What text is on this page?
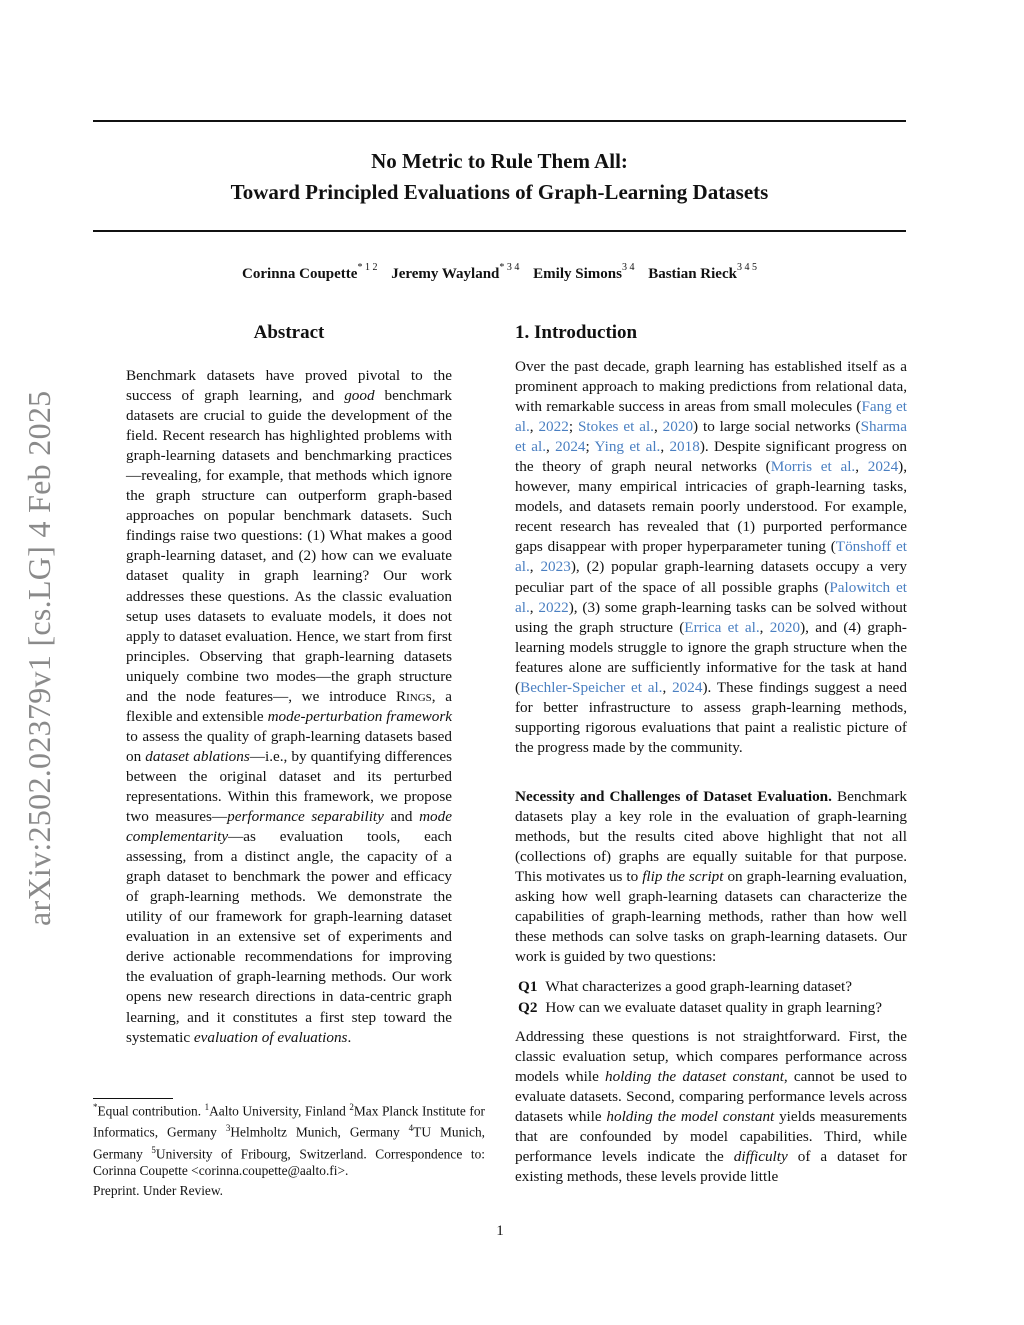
arXiv:2502.02379v1 [cs.LG] 4 Feb 2025
No Metric to Rule Them All:
Toward Principled Evaluations of Graph-Learning Datasets
Corinna Coupette$^{* 1 2}$ Jeremy Wayland$^{* 3 4}$ Emily Simons$^{3 4}$ Bastian Rieck$^{3 4 5}$
Abstract
Benchmark datasets have proved pivotal to the success of graph learning, and good benchmark datasets are crucial to guide the development of the field. Recent research has highlighted problems with graph-learning datasets and benchmarking practices—revealing, for example, that methods which ignore the graph structure can outperform graph-based approaches on popular benchmark datasets. Such findings raise two questions: (1) What makes a good graph-learning dataset, and (2) how can we evaluate dataset quality in graph learning? Our work addresses these questions. As the classic evaluation setup uses datasets to evaluate models, it does not apply to dataset evaluation. Hence, we start from first principles. Observing that graph-learning datasets uniquely combine two modes—the graph structure and the node features—, we introduce Rings, a flexible and extensible mode-perturbation framework to assess the quality of graph-learning datasets based on dataset ablations—i.e., by quantifying differences between the original dataset and its perturbed representations. Within this framework, we propose two measures—performance separability and mode complementarity—as evaluation tools, each assessing, from a distinct angle, the capacity of a graph dataset to benchmark the power and efficacy of graph-learning methods. We demonstrate the utility of our framework for graph-learning dataset evaluation in an extensive set of experiments and derive actionable recommendations for improving the evaluation of graph-learning methods. Our work opens new research directions in data-centric graph learning, and it constitutes a first step toward the systematic evaluation of evaluations.
*Equal contribution. $^1$Aalto University, Finland $^2$Max Planck Institute for Informatics, Germany $^3$Helmholtz Munich, Germany $^4$TU Munich, Germany $^5$University of Fribourg, Switzerland. Correspondence to: Corinna Coupette <corinna.coupette@aalto.fi>.
Preprint. Under Review.
1. Introduction
Over the past decade, graph learning has established itself as a prominent approach to making predictions from relational data, with remarkable success in areas from small molecules (Fang et al., 2022; Stokes et al., 2020) to large social networks (Sharma et al., 2024; Ying et al., 2018). Despite significant progress on the theory of graph neural networks (Morris et al., 2024), however, many empirical intricacies of graph-learning tasks, models, and datasets remain poorly understood. For example, recent research has revealed that (1) purported performance gaps disappear with proper hyperparameter tuning (Tönshoff et al., 2023), (2) popular graph-learning datasets occupy a very peculiar part of the space of all possible graphs (Palowitch et al., 2022), (3) some graph-learning tasks can be solved without using the graph structure (Errica et al., 2020), and (4) graph-learning models struggle to ignore the graph structure when the features alone are sufficiently informative for the task at hand (Bechler-Speicher et al., 2024). These findings suggest a need for better infrastructure to assess graph-learning methods, supporting rigorous evaluations that paint a realistic picture of the progress made by the community.
Necessity and Challenges of Dataset Evaluation. Benchmark datasets play a key role in the evaluation of graph-learning methods, but the results cited above highlight that not all (collections of) graphs are equally suitable for that purpose. This motivates us to flip the script on graph-learning evaluation, asking how well graph-learning datasets can characterize the capabilities of graph-learning methods, rather than how well these methods can solve tasks on graph-learning datasets. Our work is guided by two questions:
Q1 What characterizes a good graph-learning dataset?
Q2 How can we evaluate dataset quality in graph learning?
Addressing these questions is not straightforward. First, the classic evaluation setup, which compares performance across models while holding the dataset constant, cannot be used to evaluate datasets. Second, comparing performance levels across datasets while holding the model constant yields measurements that are confounded by model capabilities. Third, while performance levels indicate the difficulty of a dataset for existing methods, these levels provide little
1
